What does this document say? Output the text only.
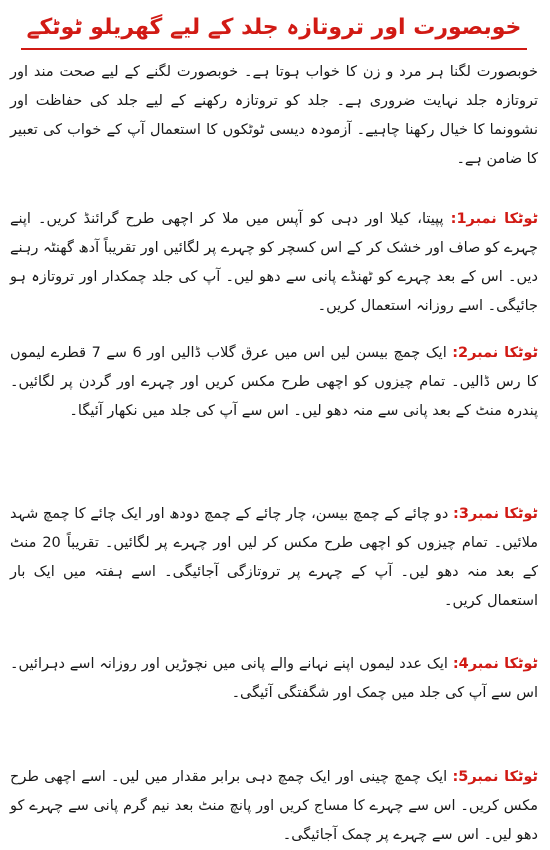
خوبصورت اور تروتازہ جلد کے لیے گھریلو ٹوٹکے

خوبصورت لگنا ہر مرد و زن کا خواب ہوتا ہے۔ خوبصورت لگنے کے لیے صحت مند اور تروتازہ جلد نہایت ضروری ہے۔ جلد کو تروتازہ رکھنے کے لیے جلد کی حفاظت اور نشوونما کا خیال رکھنا چاہیے۔ آزمودہ دیسی ٹوٹکوں کا استعمال آپ کے خواب کی تعبیر کا ضامن ہے۔

ٹوٹکا نمبر1: پپیتا، کیلا اور دہی کو آپس میں ملا کر اچھی طرح گرائنڈ کریں۔ اپنے چہرے کو صاف اور خشک کر کے اس کسچر کو چہرے پر لگائیں اور تقریباً آدھ گھنٹہ رہنے دیں۔ اس کے بعد چہرے کو ٹھنڈے پانی سے دھو لیں۔ آپ کی جلد چمکدار اور تروتازہ ہو جائیگی۔ اسے روزانہ استعمال کریں۔

ٹوٹکا نمبر2: ایک چمچ بیسن لیں اس میں عرق گلاب ڈالیں اور 6 سے 7 قطرے لیموں کا رس ڈالیں۔ تمام چیزوں کو اچھی طرح مکس کریں اور چہرے اور گردن پر لگائیں۔ پندرہ منٹ کے بعد پانی سے منہ دھو لیں۔ اس سے آپ کی جلد میں نکھار آئیگا۔

ٹوٹکا نمبر3: دو چائے کے چمچ بیسن، چار چائے کے چمچ دودھ اور ایک چائے کا چمچ شہد ملائیں۔ تمام چیزوں کو اچھی طرح مکس کر لیں اور چہرے پر لگائیں۔ تقریباً 20 منٹ کے بعد منہ دھو لیں۔ آپ کے چہرے پر تروتازگی آجائیگی۔ اسے ہفتہ میں ایک بار استعمال کریں۔

ٹوٹکا نمبر4: ایک عدد لیموں اپنے نہانے والے پانی میں نچوڑیں اور روزانہ اسے دہرائیں۔ اس سے آپ کی جلد میں چمک اور شگفتگی آئیگی۔

ٹوٹکا نمبر5: ایک چمچ چینی اور ایک چمچ دہی برابر مقدار میں لیں۔ اسے اچھی طرح مکس کریں۔ اس سے چہرے کا مساج کریں اور پانچ منٹ بعد نیم گرم پانی سے چہرے کو دھو لیں۔ اس سے چہرے پر چمک آجائیگی۔
